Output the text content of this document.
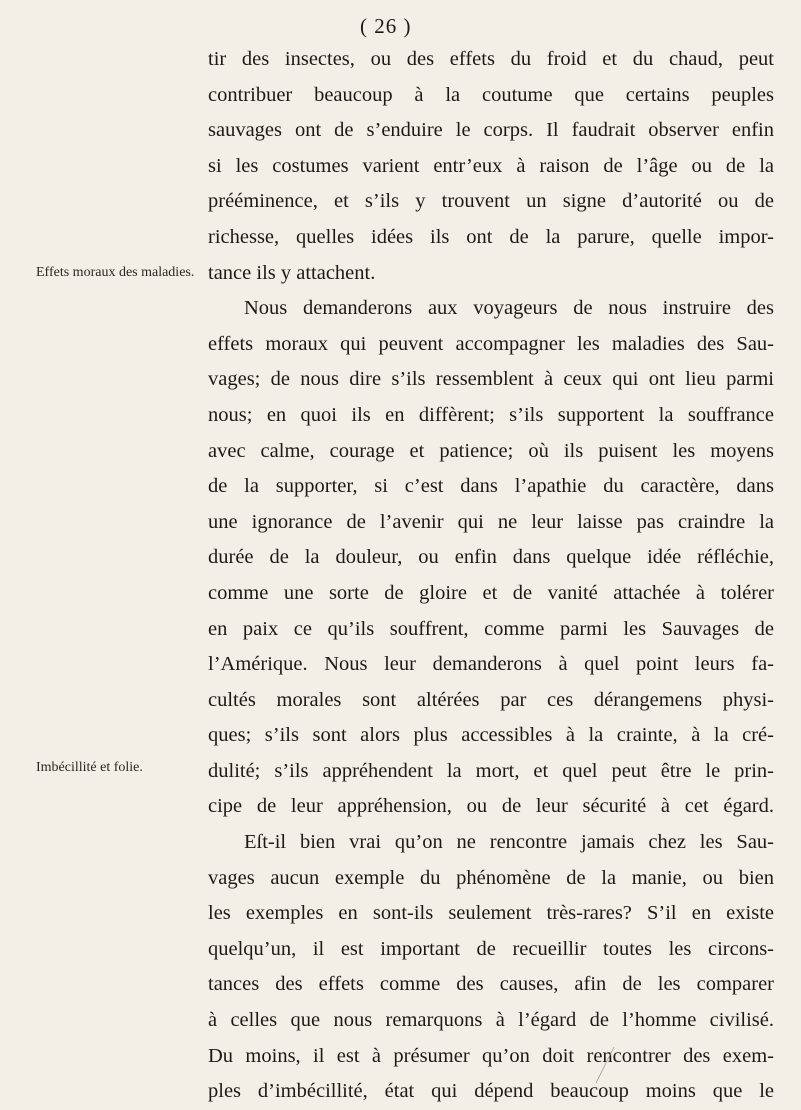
( 26 )
Effets moraux des maladies.
Imbécillité et folie.
tir des insectes, ou des effets du froid et du chaud, peut
contribuer beaucoup à la coutume que certains peuples
sauvages ont de s’enduire le corps. Il faudrait observer enfin
si les costumes varient entr’eux à raison de l’âge ou de la
prééminence, et s’ils y trouvent un signe d’autorité ou de
richesse, quelles idées ils ont de la parure, quelle impor-
tance ils y attachent.
Nous demanderons aux voyageurs de nous instruire des
effets moraux qui peuvent accompagner les maladies des Sau-
vages; de nous dire s’ils ressemblent à ceux qui ont lieu parmi
nous; en quoi ils en diffèrent; s’ils supportent la souffrance
avec calme, courage et patience; où ils puisent les moyens
de la supporter, si c’est dans l’apathie du caractère, dans
une ignorance de l’avenir qui ne leur laisse pas craindre la
durée de la douleur, ou enfin dans quelque idée réfléchie,
comme une sorte de gloire et de vanité attachée à tolérer
en paix ce qu’ils souffrent, comme parmi les Sauvages de
l’Amérique. Nous leur demanderons à quel point leurs fa-
cultés morales sont altérées par ces dérangemens physi-
ques; s’ils sont alors plus accessibles à la crainte, à la cré-
dulité; s’ils appréhendent la mort, et quel peut être le prin-
cipe de leur appréhension, ou de leur sécurité à cet égard.
Eſt-il bien vrai qu’on ne rencontre jamais chez les Sau-
vages aucun exemple du phénomène de la manie, ou bien
les exemples en sont-ils seulement très-rares? S’il en existe
quelqu’un, il est important de recueillir toutes les circons-
tances des effets comme des causes, afin de les comparer
à celles que nous remarquons à l’égard de l’homme civilisé.
Du moins, il est à présumer qu’on doit rencontrer des exem-
ples d’imbécillité, état qui dépend beaucoup moins que le
